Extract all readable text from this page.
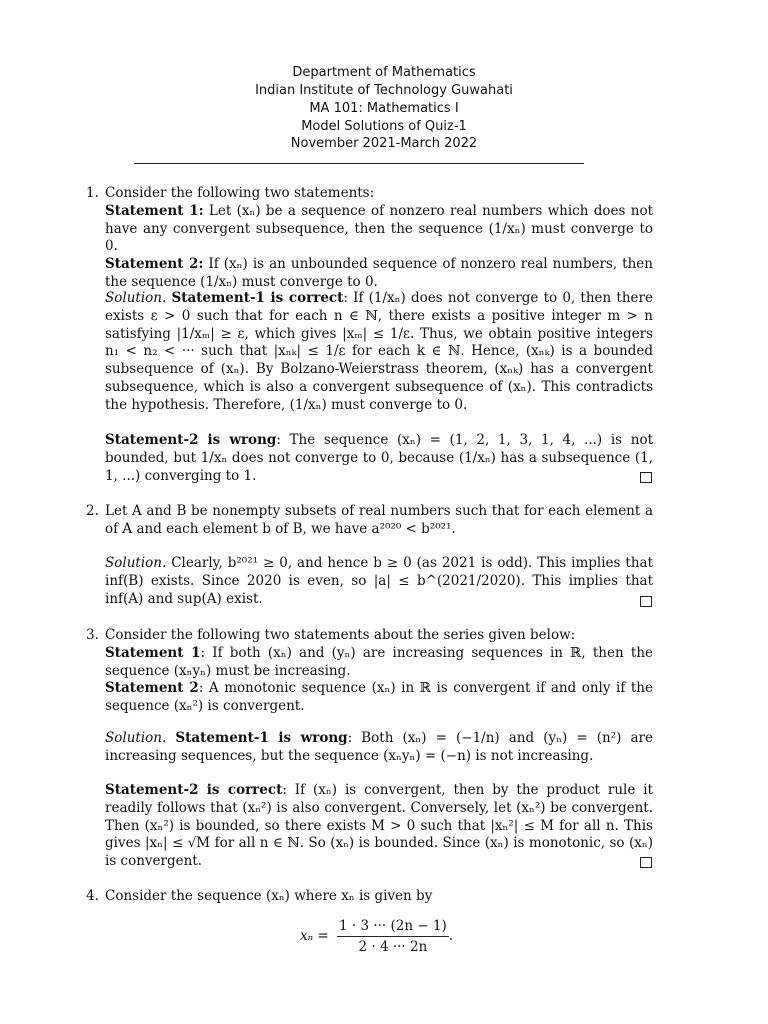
Department of Mathematics
Indian Institute of Technology Guwahati
MA 101: Mathematics I
Model Solutions of Quiz-1
November 2021-March 2022
1. Consider the following two statements:
Statement 1: Let (xₙ) be a sequence of nonzero real numbers which does not have any convergent subsequence, then the sequence (1/xₙ) must converge to 0.
Statement 2: If (xₙ) is an unbounded sequence of nonzero real numbers, then the sequence (1/xₙ) must converge to 0.
Solution. Statement-1 is correct: If (1/xₙ) does not converge to 0, then there exists ε > 0 such that for each n ∈ ℕ, there exists a positive integer m > n satisfying |1/xₘ| ≥ ε, which gives |xₘ| ≤ 1/ε. Thus, we obtain positive integers n₁ < n₂ < ··· such that |xₙₖ| ≤ 1/ε for each k ∈ ℕ. Hence, (xₙₖ) is a bounded subsequence of (xₙ). By Bolzano-Weierstrass theorem, (xₙₖ) has a convergent subsequence, which is also a convergent subsequence of (xₙ). This contradicts the hypothesis. Therefore, (1/xₙ) must converge to 0.
Statement-2 is wrong: The sequence (xₙ) = (1, 2, 1, 3, 1, 4, ...) is not bounded, but 1/xₙ does not converge to 0, because (1/xₙ) has a subsequence (1, 1, ...) converging to 1.
2. Let A and B be nonempty subsets of real numbers such that for each element a of A and each element b of B, we have a²⁰²⁰ < b²⁰²¹.
Solution. Clearly, b²⁰²¹ ≥ 0, and hence b ≥ 0 (as 2021 is odd). This implies that inf(B) exists. Since 2020 is even, so |a| ≤ b^(2021/2020). This implies that inf(A) and sup(A) exist.
3. Consider the following two statements about the series given below:
Statement 1: If both (xₙ) and (yₙ) are increasing sequences in ℝ, then the sequence (xₙyₙ) must be increasing.
Statement 2: A monotonic sequence (xₙ) in ℝ is convergent if and only if the sequence (xₙ²) is convergent.
Solution. Statement-1 is wrong: Both (xₙ) = (−1/n) and (yₙ) = (n²) are increasing sequences, but the sequence (xₙyₙ) = (−n) is not increasing.
Statement-2 is correct: If (xₙ) is convergent, then by the product rule it readily follows that (xₙ²) is also convergent. Conversely, let (xₙ²) be convergent. Then (xₙ²) is bounded, so there exists M > 0 such that |xₙ²| ≤ M for all n. This gives |xₙ| ≤ √M for all n ∈ ℕ. So (xₙ) is bounded. Since (xₙ) is monotonic, so (xₙ) is convergent.
4. Consider the sequence (xₙ) where xₙ is given by
$x_n = \frac{1 \cdot 3 \cdot\cdot\cdot (2n - 1)}{2 \cdot 4 \cdot\cdot\cdot 2n}$ .
